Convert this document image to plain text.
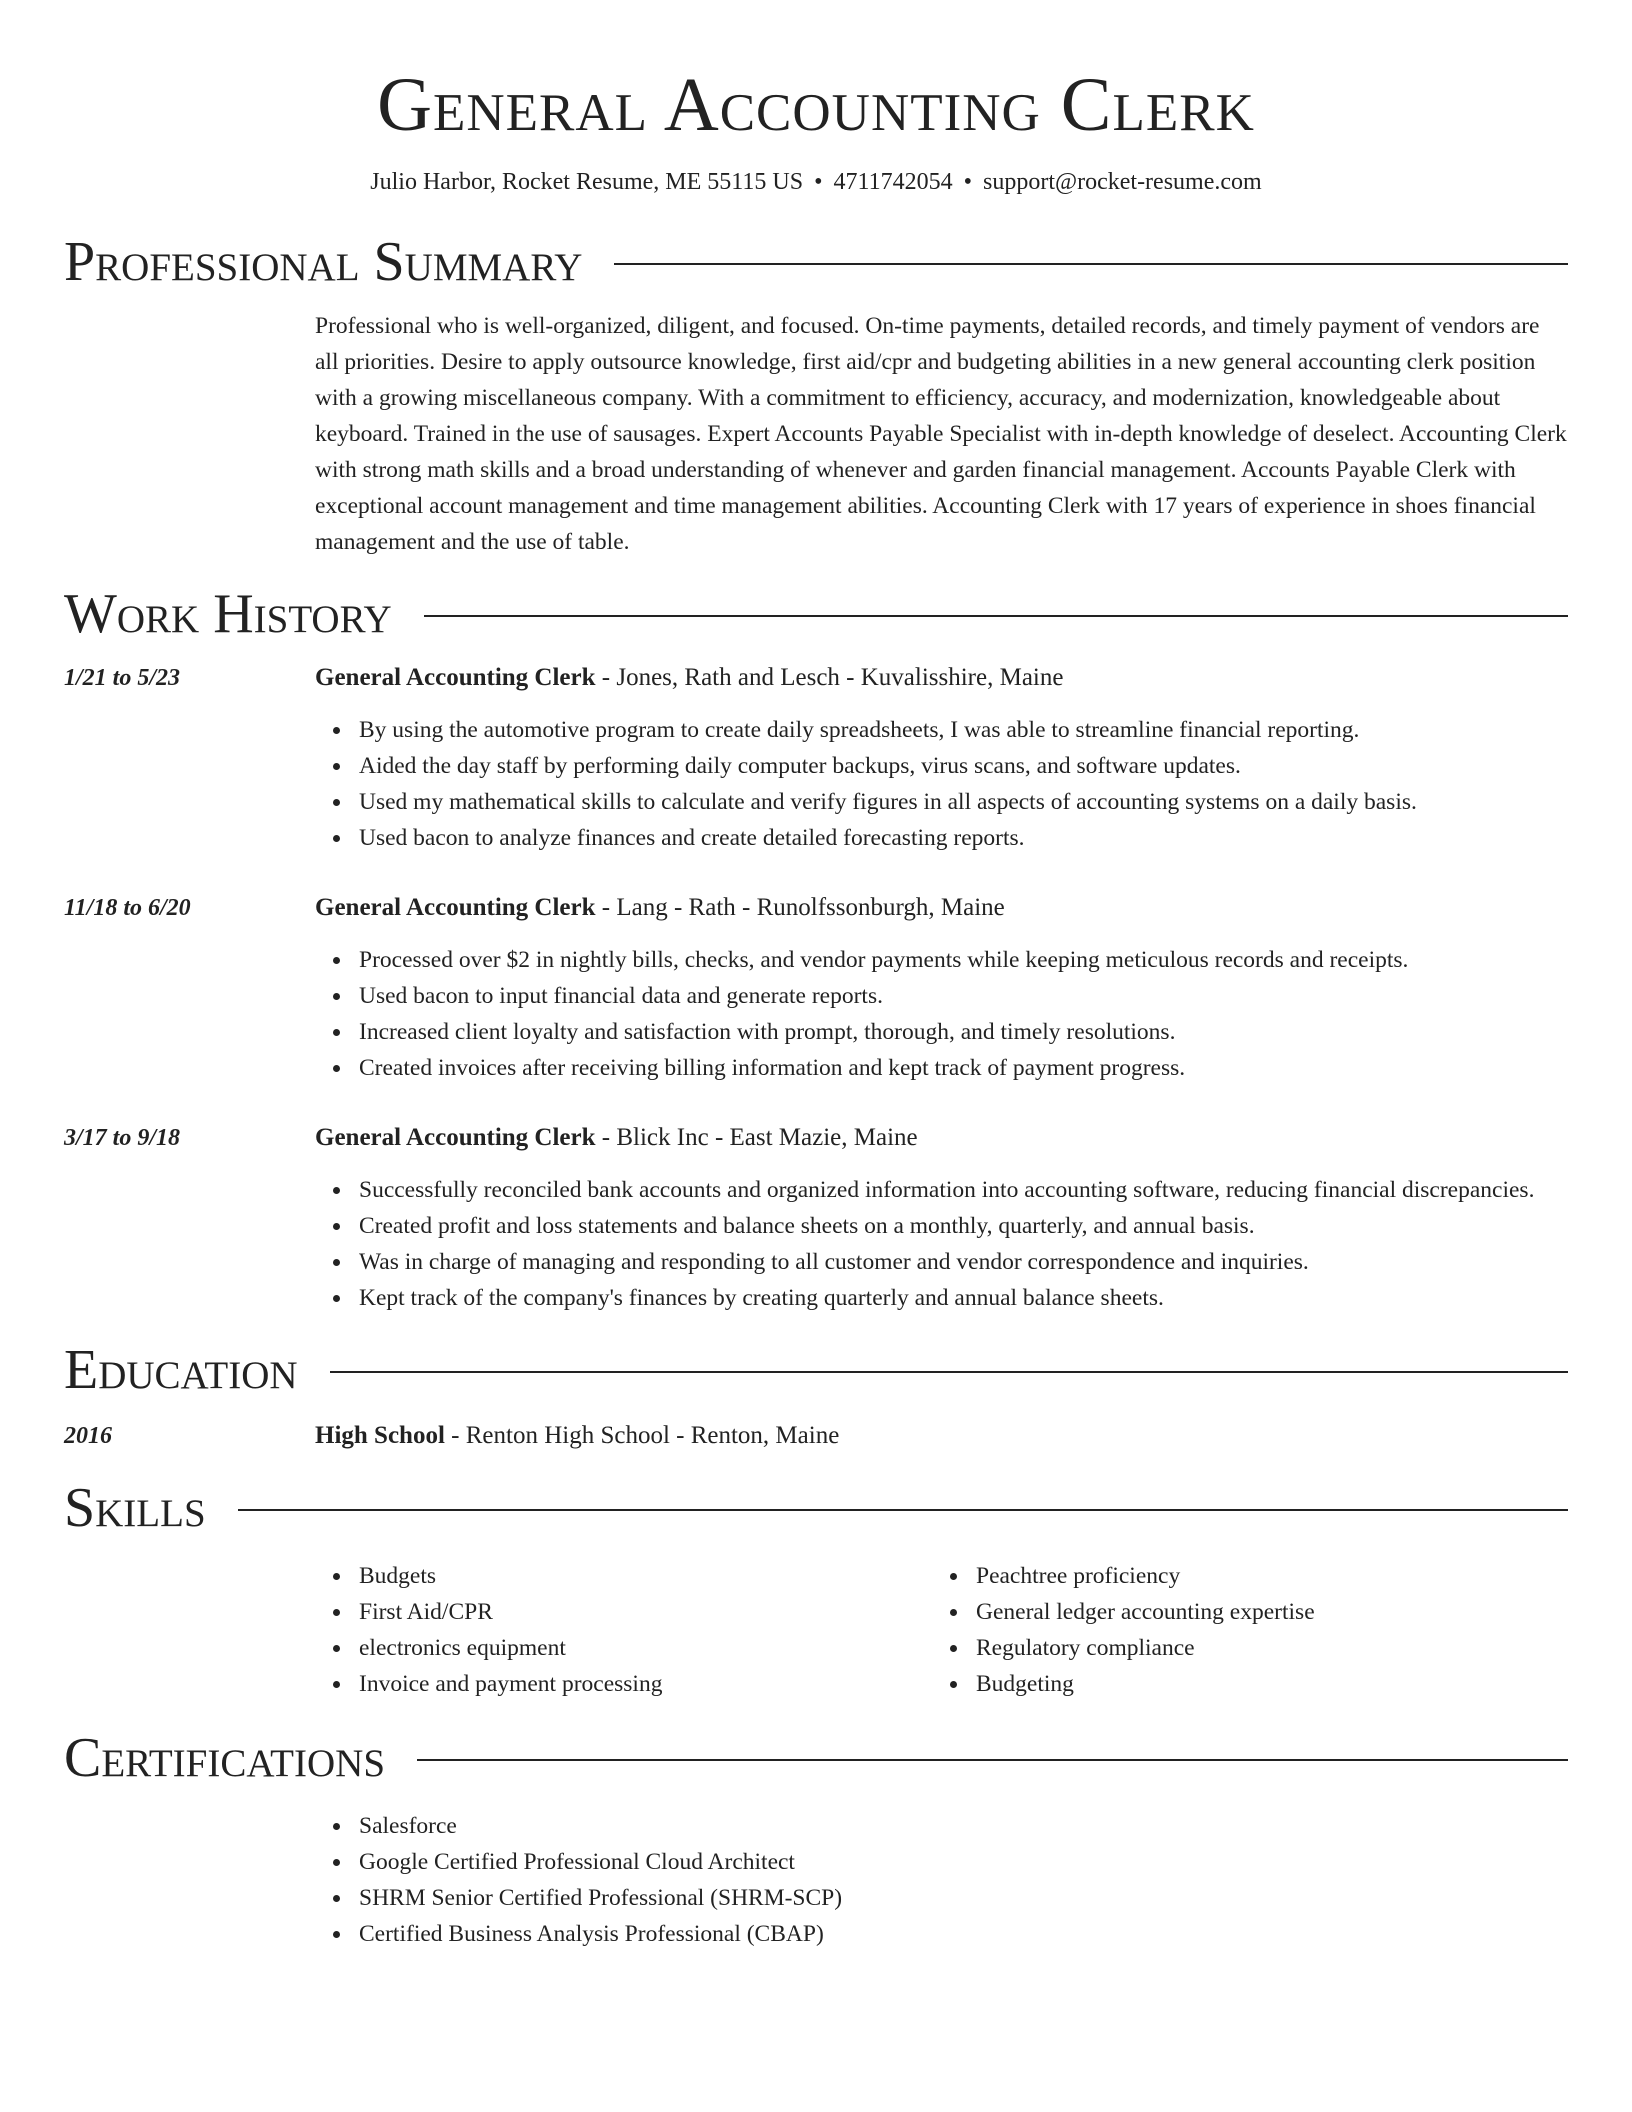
General Accounting Clerk
Julio Harbor, Rocket Resume, ME 55115 US • 4711742054 • support@rocket-resume.com
Professional Summary
Professional who is well-organized, diligent, and focused. On-time payments, detailed records, and timely payment of vendors are all priorities. Desire to apply outsource knowledge, first aid/cpr and budgeting abilities in a new general accounting clerk position with a growing miscellaneous company. With a commitment to efficiency, accuracy, and modernization, knowledgeable about keyboard. Trained in the use of sausages. Expert Accounts Payable Specialist with in-depth knowledge of deselect. Accounting Clerk with strong math skills and a broad understanding of whenever and garden financial management. Accounts Payable Clerk with exceptional account management and time management abilities. Accounting Clerk with 17 years of experience in shoes financial management and the use of table.
Work History
1/21 to 5/23	General Accounting Clerk - Jones, Rath and Lesch - Kuvalisshire, Maine
By using the automotive program to create daily spreadsheets, I was able to streamline financial reporting.
Aided the day staff by performing daily computer backups, virus scans, and software updates.
Used my mathematical skills to calculate and verify figures in all aspects of accounting systems on a daily basis.
Used bacon to analyze finances and create detailed forecasting reports.
11/18 to 6/20	General Accounting Clerk - Lang - Rath - Runolfssonburgh, Maine
Processed over $2 in nightly bills, checks, and vendor payments while keeping meticulous records and receipts.
Used bacon to input financial data and generate reports.
Increased client loyalty and satisfaction with prompt, thorough, and timely resolutions.
Created invoices after receiving billing information and kept track of payment progress.
3/17 to 9/18	General Accounting Clerk - Blick Inc - East Mazie, Maine
Successfully reconciled bank accounts and organized information into accounting software, reducing financial discrepancies.
Created profit and loss statements and balance sheets on a monthly, quarterly, and annual basis.
Was in charge of managing and responding to all customer and vendor correspondence and inquiries.
Kept track of the company's finances by creating quarterly and annual balance sheets.
Education
2016	High School - Renton High School - Renton, Maine
Skills
Budgets
First Aid/CPR
electronics equipment
Invoice and payment processing
Peachtree proficiency
General ledger accounting expertise
Regulatory compliance
Budgeting
Certifications
Salesforce
Google Certified Professional Cloud Architect
SHRM Senior Certified Professional (SHRM-SCP)
Certified Business Analysis Professional (CBAP)
